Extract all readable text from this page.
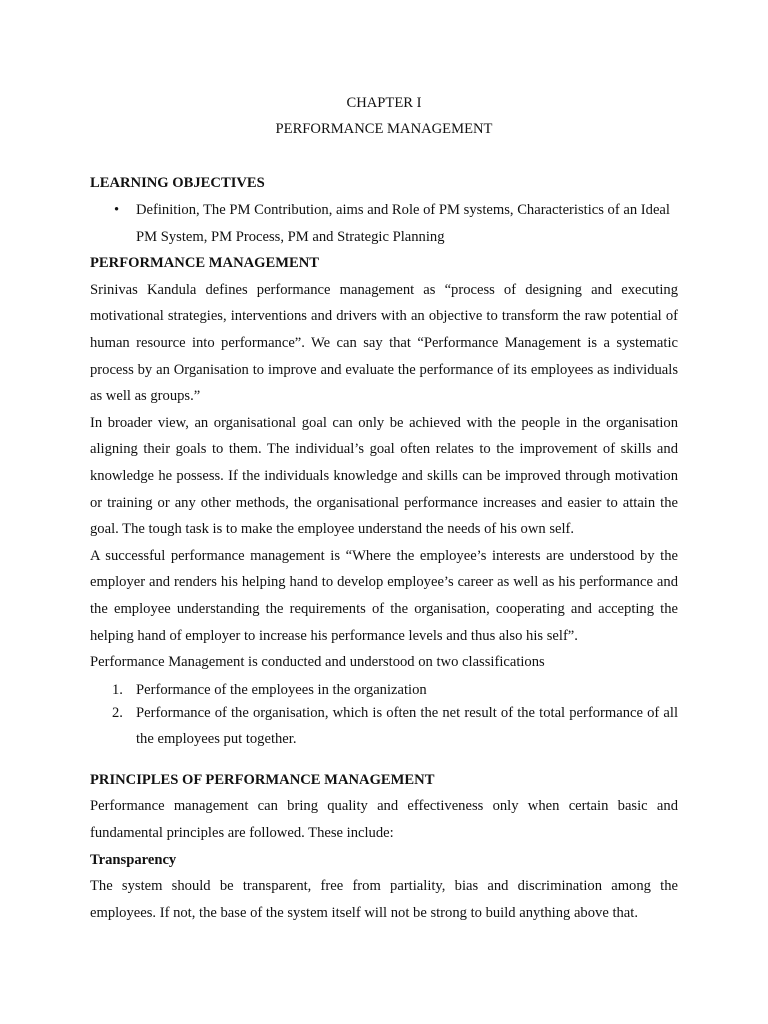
CHAPTER I

PERFORMANCE MANAGEMENT

LEARNING OBJECTIVES

• Definition, The PM Contribution, aims and Role of PM systems, Characteristics of an Ideal PM System, PM Process, PM and Strategic Planning

PERFORMANCE MANAGEMENT

Srinivas Kandula defines performance management as “process of designing and executing motivational strategies, interventions and drivers with an objective to transform the raw potential of human resource into performance”. We can say that “Performance Management is a systematic process by an Organisation to improve and evaluate the performance of its employees as individuals as well as groups.”

In broader view, an organisational goal can only be achieved with the people in the organisation aligning their goals to them. The individual’s goal often relates to the improvement of skills and knowledge he possess. If the individuals knowledge and skills can be improved through motivation or training or any other methods, the organisational performance increases and easier to attain the goal. The tough task is to make the employee understand the needs of his own self.

A successful performance management is “Where the employee’s interests are understood by the employer and renders his helping hand to develop employee’s career as well as his performance and the employee understanding the requirements of the organisation, cooperating and accepting the helping hand of employer to increase his performance levels and thus also his self”.

Performance Management is conducted and understood on two classifications

1. Performance of the employees in the organization
2. Performance of the organisation, which is often the net result of the total performance of all the employees put together.

PRINCIPLES OF PERFORMANCE MANAGEMENT

Performance management can bring quality and effectiveness only when certain basic and fundamental principles are followed. These include:

Transparency

The system should be transparent, free from partiality, bias and discrimination among the employees. If not, the base of the system itself will not be strong to build anything above that.
